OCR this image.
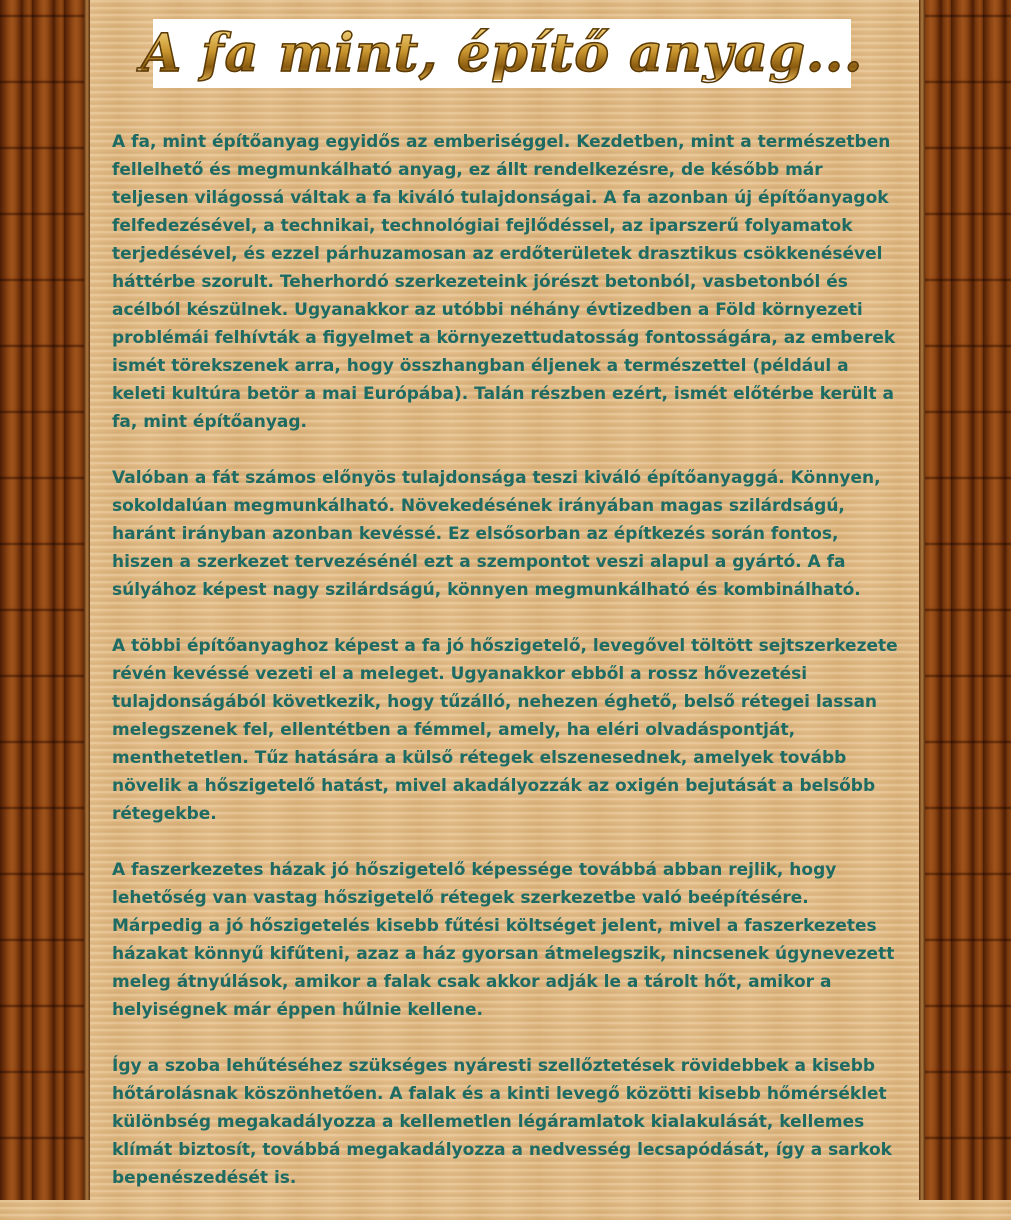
A fa mint, építő anyag...

A fa, mint építőanyag egyidős az emberiséggel. Kezdetben, mint a természetben fellelhető és megmunkálható anyag, ez állt rendelkezésre, de később már teljesen világossá váltak a fa kiváló tulajdonságai. A fa azonban új építőanyagok felfedezésével, a technikai, technológiai fejlődéssel, az iparszerű folyamatok terjedésével, és ezzel párhuzamosan az erdőterületek drasztikus csökkenésével háttérbe szorult. Teherhordó szerkezeteink jórészt betonból, vasbetonból és acélból készülnek. Ugyanakkor az utóbbi néhány évtizedben a Föld környezeti problémái felhívták a figyelmet a környezettudatosság fontosságára, az emberek ismét törekszenek arra, hogy összhangban éljenek a természettel (például a keleti kultúra betör a mai Európába). Talán részben ezért, ismét előtérbe került a fa, mint építőanyag.

Valóban a fát számos előnyös tulajdonsága teszi kiváló építőanyaggá. Könnyen, sokoldalúan megmunkálható. Növekedésének irányában magas szilárdságú, haránt irányban azonban kevéssé. Ez elsősorban az építkezés során fontos, hiszen a szerkezet tervezésénél ezt a szempontot veszi alapul a gyártó. A fa súlyához képest nagy szilárdságú, könnyen megmunkálható és kombinálható.

A többi építőanyaghoz képest a fa jó hőszigetelő, levegővel töltött sejtszerkezete révén kevéssé vezeti el a meleget. Ugyanakkor ebből a rossz hővezetési tulajdonságából következik, hogy tűzálló, nehezen éghető, belső rétegei lassan melegszenek fel, ellentétben a fémmel, amely, ha eléri olvadáspontját, menthetetlen. Tűz hatására a külső rétegek elszenesednek, amelyek tovább növelik a hőszigetelő hatást, mivel akadályozzák az oxigén bejutását a belsőbb rétegekbe.

A faszerkezetes házak jó hőszigetelő képessége továbbá abban rejlik, hogy lehetőség van vastag hőszigetelő rétegek szerkezetbe való beépítésére. Márpedig a jó hőszigetelés kisebb fűtési költséget jelent, mivel a faszerkezetes házakat könnyű kifűteni, azaz a ház gyorsan átmelegszik, nincsenek úgynevezett meleg átnyúlások, amikor a falak csak akkor adják le a tárolt hőt, amikor a helyiségnek már éppen hűlnie kellene.

Így a szoba lehűtéséhez szükséges nyáresti szellőztetések rövidebbek a kisebb hőtárolásnak köszönhetően. A falak és a kinti levegő közötti kisebb hőmérséklet különbség megakadályozza a kellemetlen légáramlatok kialakulását, kellemes klímát biztosít, továbbá megakadályozza a nedvesség lecsapódását, így a sarkok bepenészedését is.
